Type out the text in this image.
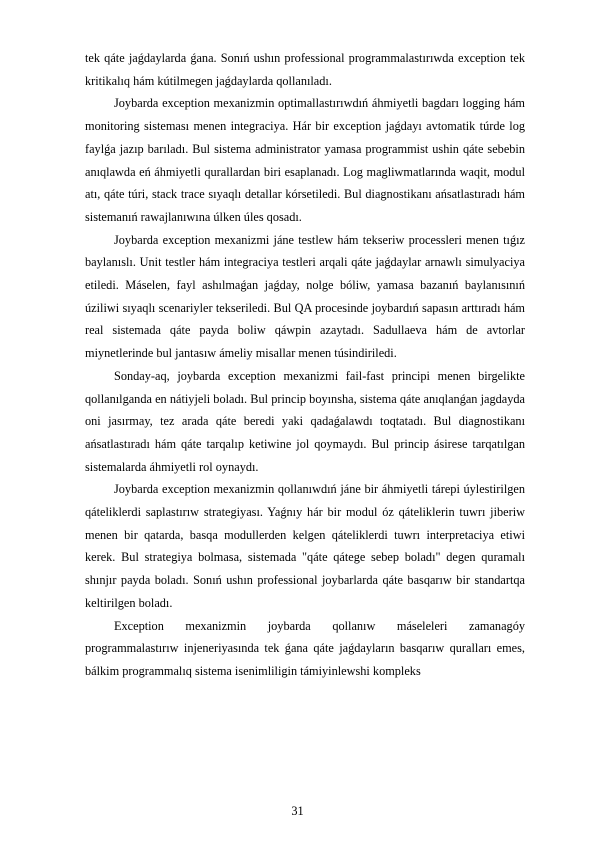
tek qáte jaǵdaylarda ǵana. Sonıń ushın professional programmalastırıwda exception tek kritikalıq hám kútilmegen jaǵdaylarda qollanıladı.

Joybarda exception mexanizmin optimallastırıwdıń áhmiyetli bagdarı logging hám monitoring sisteması menen integraciya. Hár bir exception jaǵdayı avtomatik túrde log faylǵa jazıp barıladı. Bul sistema administrator yamasa programmist ushin qáte sebebin anıqlawda eń áhmiyetli qurallardan biri esaplanadı. Log magliwmatlarında waqit, modul atı, qáte túri, stack trace sıyaqlı detallar kórsetiledi. Bul diagnostikanı ańsatlastıradı hám sistemanıń rawajlanıwına úlken úles qosadı.

Joybarda exception mexanizmi jáne testlew hám tekseriw processleri menen tıǵız baylanıslı. Unit testler hám integraciya testleri arqali qáte jaǵdaylar arnawlı simulyaciya etiledi. Máselen, fayl ashılmaǵan jaǵday, nolge bóliw, yamasa bazanıń baylanısınıń úziliwi sıyaqlı scenariyler tekseriledi. Bul QA procesinde joybardıń sapasın arttıradı hám real sistemada qáte payda boliw qáwpin azaytadı. Sadullaeva hám de avtorlar miynetlerinde bul jantasıw ámeliy misallar menen túsindiriledi.

Sonday-aq, joybarda exception mexanizmi fail-fast principi menen birgelikte qollanılganda en nátiyjeli boladı. Bul princip boyınsha, sistema qáte anıqlanǵan jagdayda oni jasırmay, tez arada qáte beredi yaki qadaǵalawdı toqtatadı. Bul diagnostikanı ańsatlastıradı hám qáte tarqalıp ketiwine jol qoymaydı. Bul princip ásirese tarqatılgan sistemalarda áhmiyetli rol oynaydı.

Joybarda exception mexanizmin qollanıwdıń jáne bir áhmiyetli tárepi úylestirilgen qáteliklerdi saplastırıw strategiyası. Yaǵnıy hár bir modul óz qáteliklerin tuwrı jiberiw menen bir qatarda, basqa modullerden kelgen qáteliklerdi tuwrı interpretaciya etiwi kerek. Bul strategiya bolmasa, sistemada "qáte qátege sebep boladı" degen quramalı shınjır payda boladı. Sonıń ushın professional joybarlarda qáte basqarıw bir standartqa keltirilgen boladı.

Exception mexanizmin joybarda qollanıw máseleleri zamanagóy programmalastırıw injeneriyasında tek ǵana qáte jaǵdayların basqarıw quralları emes, bálkim programmalıq sistema isenimliligin támiyinlewshi kompleks

31
